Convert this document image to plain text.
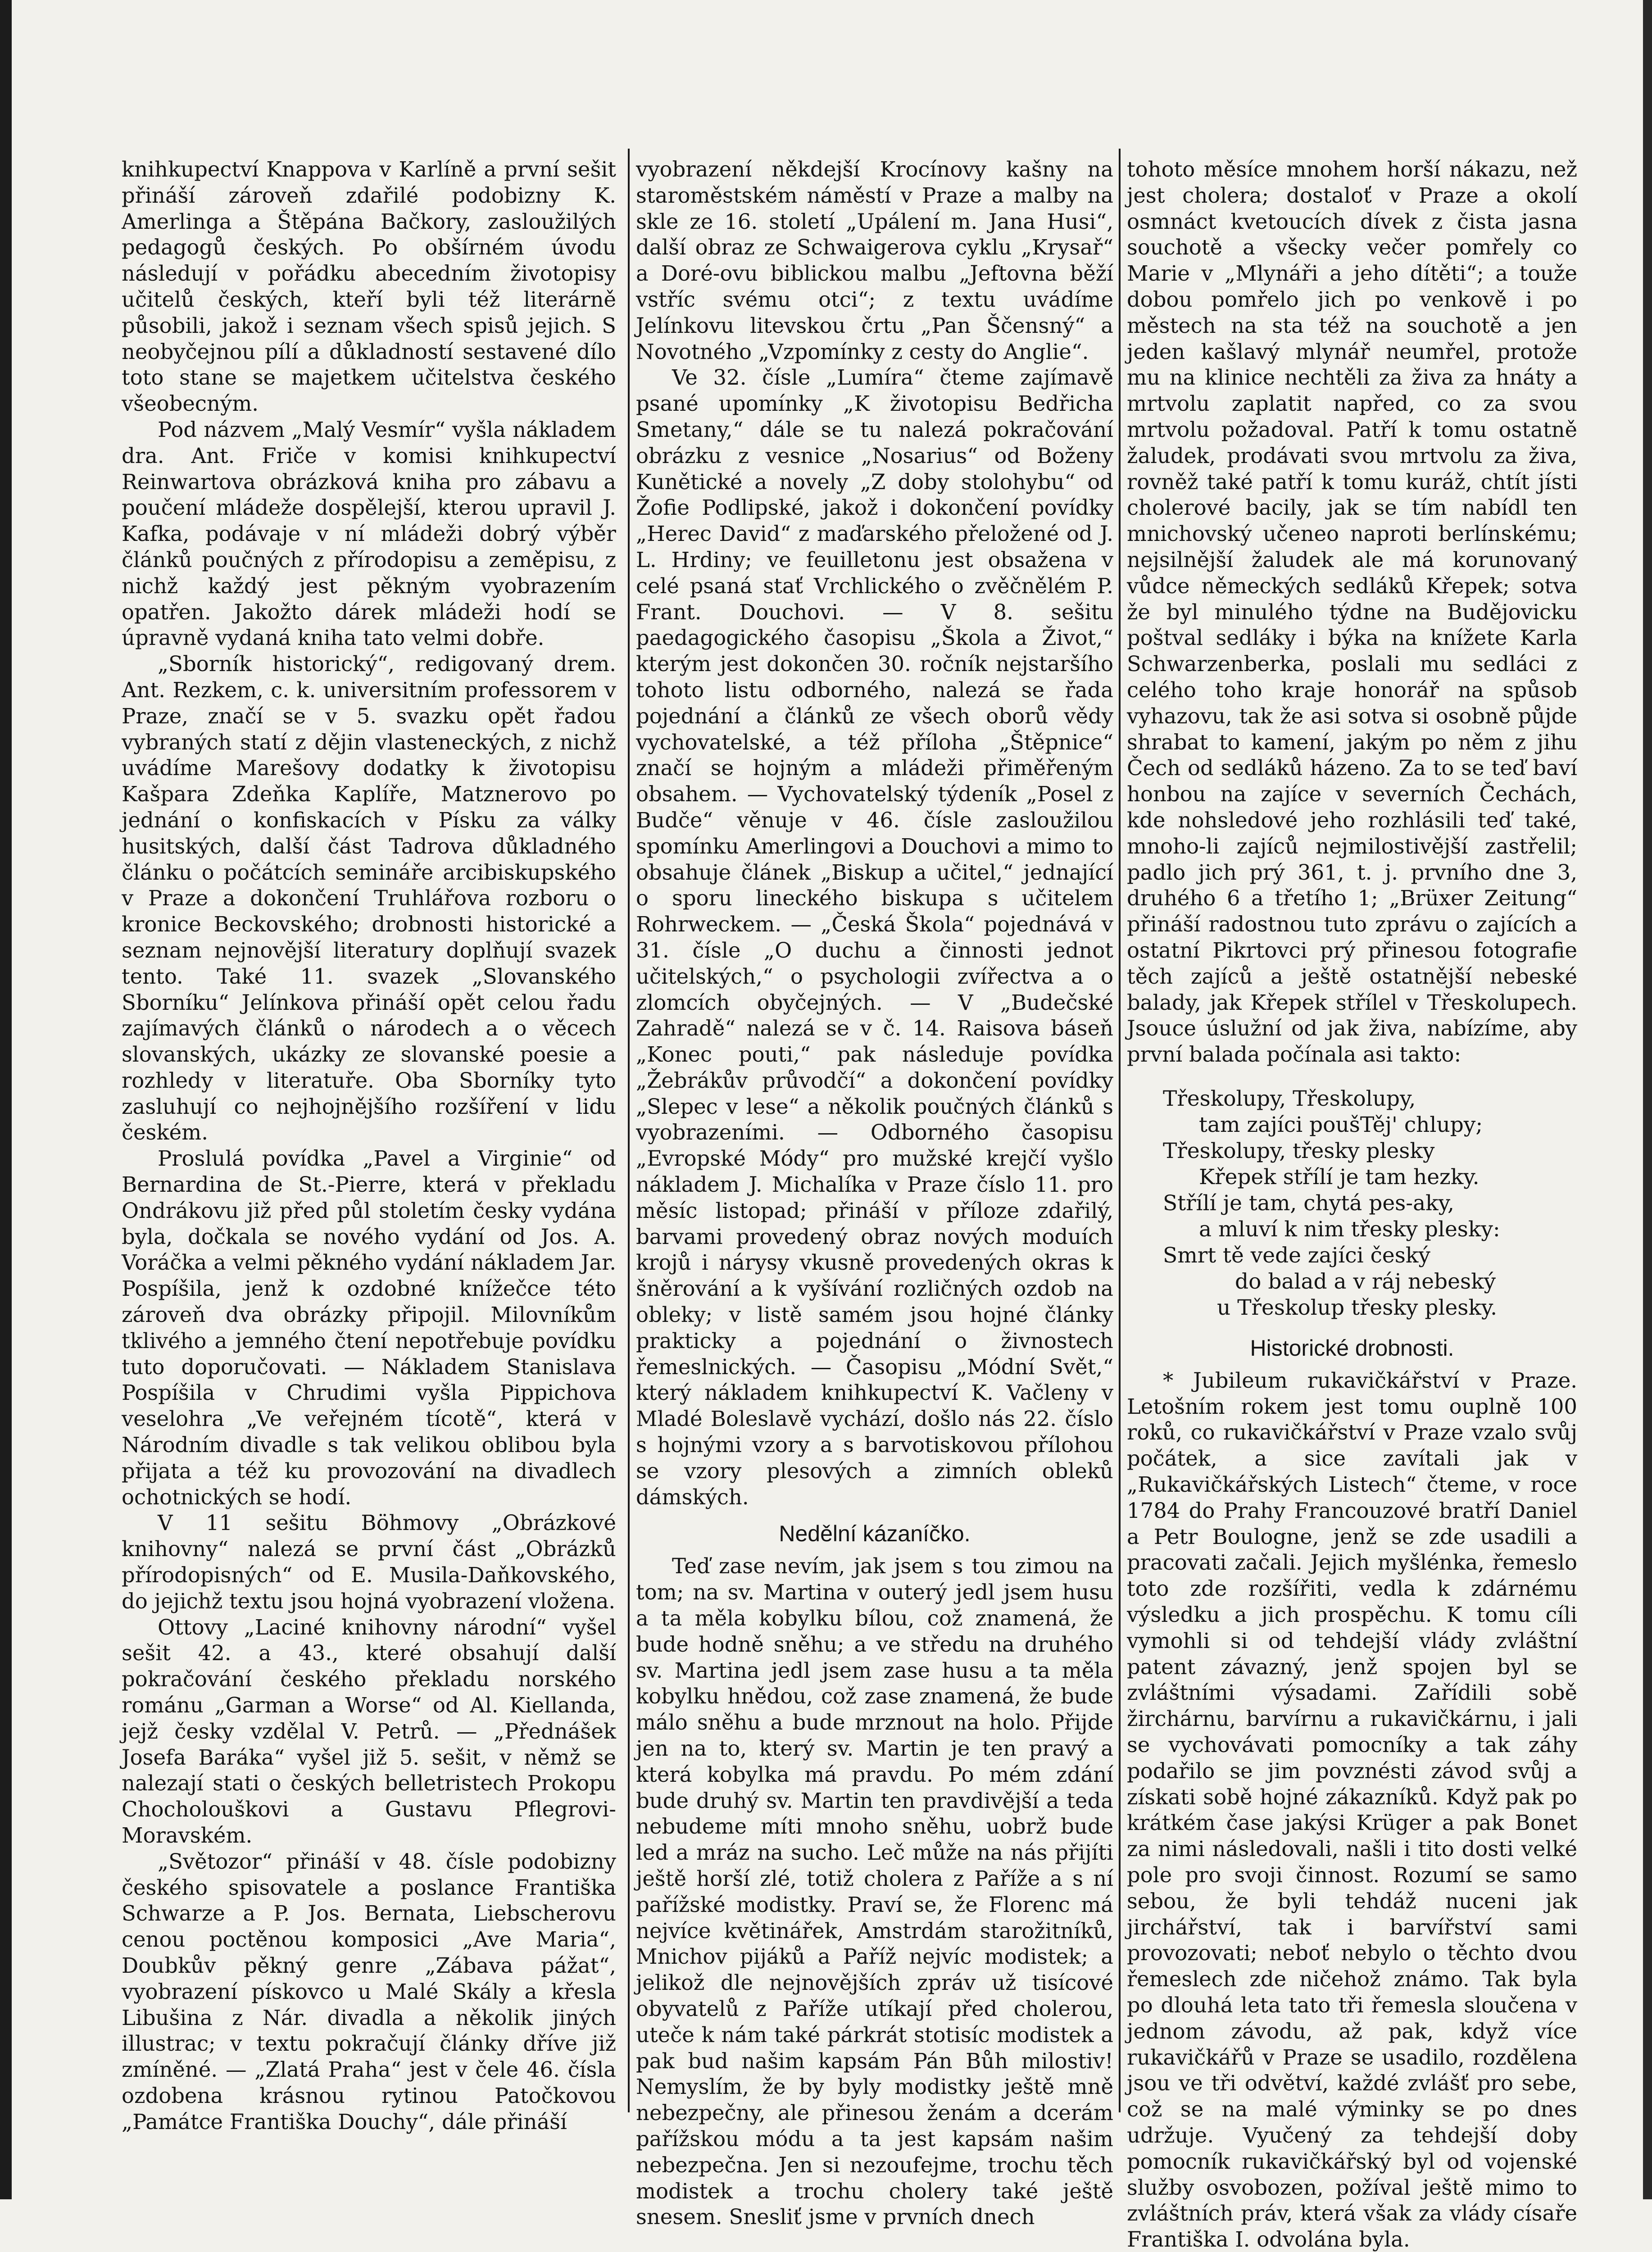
knihkupectví Knappova v Karlíně a první sešit přináší zároveň zdařilé podobizny K. Amerlinga a Štěpána Bačkory, zasloužilých pedagogů českých. Po obšírném úvodu následují v pořádku abecedním životopisy učitelů českých, kteří byli též literárně působili, jakož i seznam všech spisů jejich. S neobyčejnou pílí a důkladností sestavené dílo toto stane se majetkem učitelstva českého všeobecným.

Pod názvem „Malý Vesmír“ vyšla nákladem dra. Ant. Friče v komisi knihkupectví Reinwartova obrázková kniha pro zábavu a poučení mládeže dospělejší, kterou upravil J. Kafka, podávaje v ní mládeži dobrý výběr článků poučných z přírodopisu a zeměpisu, z nichž každý jest pěkným vyobrazením opatřen. Jakožto dárek mládeži hodí se úpravně vydaná kniha tato velmi dobře.

„Sborník historický“, redigovaný drem. Ant. Rezkem, c. k. universitním professorem v Praze, značí se v 5. svazku opět řadou vybraných statí z dějin vlasteneckých, z nichž uvádíme Marešovy dodatky k životopisu Kašpara Zdeňka Kaplíře, Matznerovo po jednání o konfiskacích v Písku za války husitských, další část Tadrova důkladného článku o počátcích semináře arcibiskupského v Praze a dokončení Truhlářova rozboru o kronice Beckovského; drobnosti historické a seznam nejnovější literatury doplňují svazek tento. Také 11. svazek „Slovanského Sborníku“ Jelínkova přináší opět celou řadu zajímavých článků o národech a o věcech slovanských, ukázky ze slovanské poesie a rozhledy v literatuře. Oba Sborníky tyto zasluhují co nejhojnějšího rozšíření v lidu českém.

Proslulá povídka „Pavel a Virginie“ od Bernardina de St.-Pierre, která v překladu Ondrákovu již před půl stoletím česky vydána byla, dočkala se nového vydání od Jos. A. Voráčka a velmi pěkného vydání nákladem Jar. Pospíšila, jenž k ozdobné knížečce této zároveň dva obrázky připojil. Milovníkům tklivého a jemného čtení nepotřebuje povídku tuto doporučovati. — Nákladem Stanislava Pospíšila v Chrudimi vyšla Pippichova veselohra „Ve veřejném tícotě“, která v Národním divadle s tak velikou oblibou byla přijata a též ku provozování na divadlech ochotnických se hodí.

V 11 sešitu Böhmovy „Obrázkové knihovny“ nalezá se první část „Obrázků přírodopisných“ od E. Musila-Daňkovského, do jejichž textu jsou hojná vyobrazení vložena.

Ottovy „Laciné knihovny národní“ vyšel sešit 42. a 43., které obsahují další pokračování českého překladu norského románu „Garman a Worse“ od Al. Kiellanda, jejž česky vzdělal V. Petrů. — „Přednášek Josefa Baráka“ vyšel již 5. sešit, v němž se nalezají stati o českých belletristech Prokopu Chocholouškovi a Gustavu Pflegrovi-Moravském.

„Světozor“ přináší v 48. čísle podobizny českého spisovatele a poslance Františka Schwarze a P. Jos. Bernata, Liebscherovu cenou poctěnou komposici „Ave Maria“, Doubkův pěkný genre „Zábava pážat“, vyobrazení pískovco u Malé Skály a křesla Libušina z Nár. divadla a několik jiných illustrac; v textu pokračují články dříve již zmíněné. — „Zlatá Praha“ jest v čele 46. čísla ozdobena krásnou rytinou Patočkovou „Památce Františka Douchy“, dále přináší

vyobrazení někdejší Krocínovy kašny na staroměstském náměstí v Praze a malby na skle ze 16. století „Upálení m. Jana Husi“, další obraz ze Schwaigerova cyklu „Krysař“ a Doré-ovu biblickou malbu „Jeftovna běží vstříc svému otci“; z textu uvádíme Jelínkovu litevskou črtu „Pan Ščensný“ a Novotného „Vzpomínky z cesty do Anglie“.

Ve 32. čísle „Lumíra“ čteme zajímavě psané upomínky „K životopisu Bedřicha Smetany,“ dále se tu nalezá pokračování obrázku z vesnice „Nosarius“ od Boženy Kunětické a novely „Z doby stolohybu“ od Žofie Podlipské, jakož i dokončení povídky „Herec David“ z maďarského přeložené od J. L. Hrdiny; ve feuilletonu jest obsažena v celé psaná stať Vrchlického o zvěčnělém P. Frant. Douchovi. — V 8. sešitu paedagogického časopisu „Škola a Život,“ kterým jest dokončen 30. ročník nejstaršího tohoto listu odborného, nalezá se řada pojednání a článků ze všech oborů vědy vychovatelské, a též příloha „Štěpnice“ značí se hojným a mládeži přiměřeným obsahem. — Vychovatelský týdeník „Posel z Budče“ věnuje v 46. čísle zasloužilou spomínku Amerlingovi a Douchovi a mimo to obsahuje článek „Biskup a učitel,“ jednající o sporu lineckého biskupa s učitelem Rohrweckem. — „Česká Škola“ pojednává v 31. čísle „O duchu a činnosti jednot učitelských,“ o psychologii zvířectva a o zlomcích obyčejných. — V „Budečské Zahradě“ nalezá se v č. 14. Raisova báseň „Konec pouti,“ pak následuje povídka „Žebrákův průvodčí“ a dokončení povídky „Slepec v lese“ a několik poučných článků s vyobrazeními. — Odborného časopisu „Evropské Módy“ pro mužské krejčí vyšlo nákladem J. Michalíka v Praze číslo 11. pro měsíc listopad; přináší v příloze zdařilý, barvami provedený obraz nových moduích krojů i nárysy vkusně provedených okras k šněrování a k vyšívání rozličných ozdob na obleky; v listě samém jsou hojné články prakticky a pojednání o živnostech řemeslnických. — Časopisu „Módní Svět,“ který nákladem knihkupectví K. Vačleny v Mladé Boleslavě vychází, došlo nás 22. číslo s hojnými vzory a s barvotiskovou přílohou se vzory plesových a zimních obleků dámských.

Nedělní kázaníčko.

Teď zase nevím, jak jsem s tou zimou na tom; na sv. Martina v outerý jedl jsem husu a ta měla kobylku bílou, což znamená, že bude hodně sněhu; a ve středu na druhého sv. Martina jedl jsem zase husu a ta měla kobylku hnědou, což zase znamená, že bude málo sněhu a bude mrznout na holo. Přijde jen na to, který sv. Martin je ten pravý a která kobylka má pravdu. Po mém zdání bude druhý sv. Martin ten pravdivější a teda nebudeme míti mnoho sněhu, uobrž bude led a mráz na sucho. Leč může na nás přijíti ještě horší zlé, totiž cholera z Paříže a s ní pařížské modistky. Praví se, že Florenc má nejvíce květinářek, Amstrdám starožitníků, Mnichov pijáků a Paříž nejvíc modistek; a jelikož dle nejnovějších zpráv už tisícové obyvatelů z Paříže utíkají před cholerou, uteče k nám také párkrát stotisíc modistek a pak bud našim kapsám Pán Bůh milostiv! Nemyslím, že by byly modistky ještě mně nebezpečny, ale přinesou ženám a dcerám pařížskou módu a ta jest kapsám našim nebezpečna. Jen si nezoufejme, trochu těch modistek a trochu cholery také ještě snesem. Snesliť jsme v prvních dnech

tohoto měsíce mnohem horší nákazu, než jest cholera; dostaloť v Praze a okolí osmnáct kvetoucích dívek z čista jasna souchotě a všecky večer pomřely co Marie v „Mlynáři a jeho dítěti“; a touže dobou pomřelo jich po venkově i po městech na sta též na souchotě a jen jeden kašlavý mlynář neumřel, protože mu na klinice nechtěli za živa za hnáty a mrtvolu zaplatit napřed, co za svou mrtvolu požadoval. Patří k tomu ostatně žaludek, prodávati svou mrtvolu za živa, rovněž také patří k tomu kuráž, chtít jísti cholerové bacily, jak se tím nabídl ten mnichovský učeneo naproti berlínskému; nejsilnější žaludek ale má korunovaný vůdce německých sedláků Křepek; sotva že byl minulého týdne na Budějovicku poštval sedláky i býka na knížete Karla Schwarzenberka, poslali mu sedláci z celého toho kraje honorář na spůsob vyhazovu, tak že asi sotva si osobně půjde shrabat to kamení, jakým po něm z jihu Čech od sedláků házeno. Za to se teď baví honbou na zajíce v severních Čechách, kde nohsledové jeho rozhlásili teď také, mnoho-li zajíců nejmilostivější zastřelil; padlo jich prý 361, t. j. prvního dne 3, druhého 6 a třetího 1; „Brüxer Zeitung“ přináší radostnou tuto zprávu o zajících a ostatní Pikrtovci prý přinesou fotografie těch zajíců a ještě ostatnější nebeské balady, jak Křepek střílel v Třeskolupech. Jsouce úslužní od jak živa, nabízíme, aby první balada počínala asi takto:

Třeskolupy, Třeskolupy,
tam zajíci poušTěj' chlupy;
Třeskolupy, třesky plesky
Křepek střílí je tam hezky.
Střílí je tam, chytá pes-aky,
a mluví k nim třesky plesky:
Smrt tě vede zajíci český
do balad a v ráj nebeský
u Třeskolup třesky plesky.
Historické drobnosti.

* Jubileum rukavičkářství v Praze. Letošním rokem jest tomu ouplně 100 roků, co rukavičkářství v Praze vzalo svůj počátek, a sice zavítali jak v „Rukavičkářských Listech“ čteme, v roce 1784 do Prahy Francouzové bratří Daniel a Petr Boulogne, jenž se zde usadili a pracovati začali. Jejich myšlénka, řemeslo toto zde rozšířiti, vedla k zdárnému výsledku a jich prospěchu. K tomu cíli vymohli si od tehdejší vlády zvláštní patent závazný, jenž spojen byl se zvláštními výsadami. Zařídili sobě žirchárnu, barvírnu a rukavičkárnu, i jali se vychovávati pomocníky a tak záhy podařilo se jim povznésti závod svůj a získati sobě hojné zákazníků. Když pak po krátkém čase jakýsi Krüger a pak Bonet za nimi následovali, našli i tito dosti velké pole pro svoji činnost. Rozumí se samo sebou, že byli tehdáž nuceni jak jirchářství, tak i barvířství sami provozovati; neboť nebylo o těchto dvou řemeslech zde ničehož známo. Tak byla po dlouhá leta tato tři řemesla sloučena v jednom závodu, až pak, když více rukavičkářů v Praze se usadilo, rozdělena jsou ve tři odvětví, každé zvlášť pro sebe, což se na malé výminky se po dnes udržuje. Vyučený za tehdejší doby pomocník rukavičkářský byl od vojenské služby osvobozen, požíval ještě mimo to zvláštních práv, která však za vlády císaře Františka I. odvolána byla.
